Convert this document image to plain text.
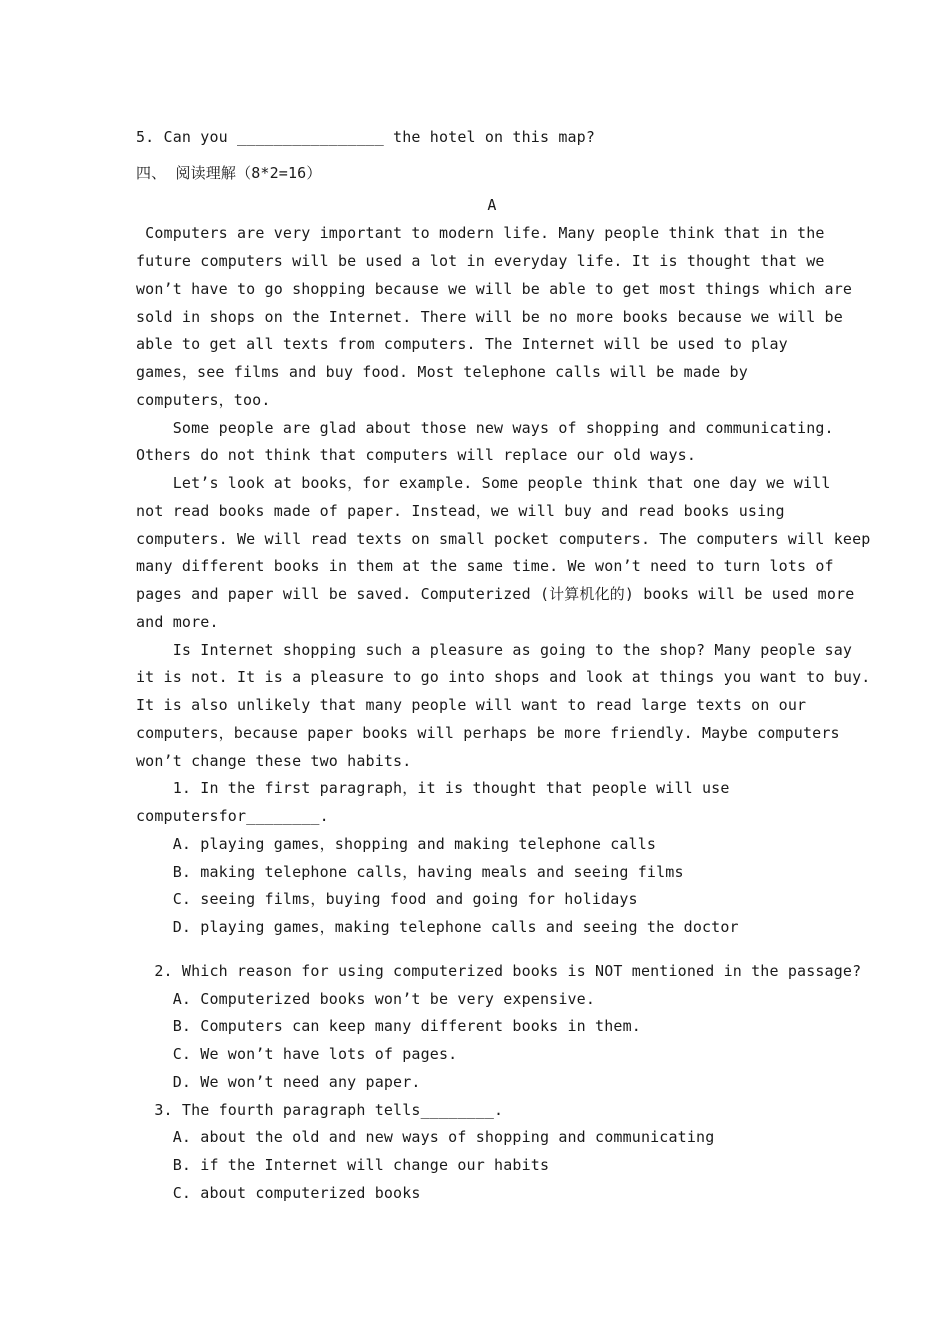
5. Can you ________________ the hotel on this map?
四、 阅读理解（8*2=16）
A
Computers are very important to modern life. Many people think that in the
future computers will be used a lot in everyday life. It is thought that we
won’t have to go shopping because we will be able to get most things which are
sold in shops on the Internet. There will be no more books because we will be
able to get all texts from computers. The Internet will be used to play
games，see films and buy food. Most telephone calls will be made by
computers，too.
Some people are glad about those new ways of shopping and communicating.
Others do not think that computers will replace our old ways.
Let’s look at books，for example. Some people think that one day we will
not read books made of paper. Instead，we will buy and read books using
computers. We will read texts on small pocket computers. The computers will keep
many different books in them at the same time. We won’t need to turn lots of
pages and paper will be saved. Computerized (计算机化的) books will be used more
and more.
Is Internet shopping such a pleasure as going to the shop? Many people say
it is not. It is a pleasure to go into shops and look at things you want to buy.
It is also unlikely that many people will want to read large texts on our
computers，because paper books will perhaps be more friendly. Maybe computers
won’t change these two habits.
1. In the first paragraph，it is thought that people will use
computersfor________.
A. playing games，shopping and making telephone calls
B. making telephone calls，having meals and seeing films
C. seeing films，buying food and going for holidays
D. playing games，making telephone calls and seeing the doctor
2. Which reason for using computerized books is NOT mentioned in the passage?
A. Computerized books won’t be very expensive.
B. Computers can keep many different books in them.
C. We won’t have lots of pages.
D. We won’t need any paper.
3. The fourth paragraph tells________.
A. about the old and new ways of shopping and communicating
B. if the Internet will change our habits
C. about computerized books
